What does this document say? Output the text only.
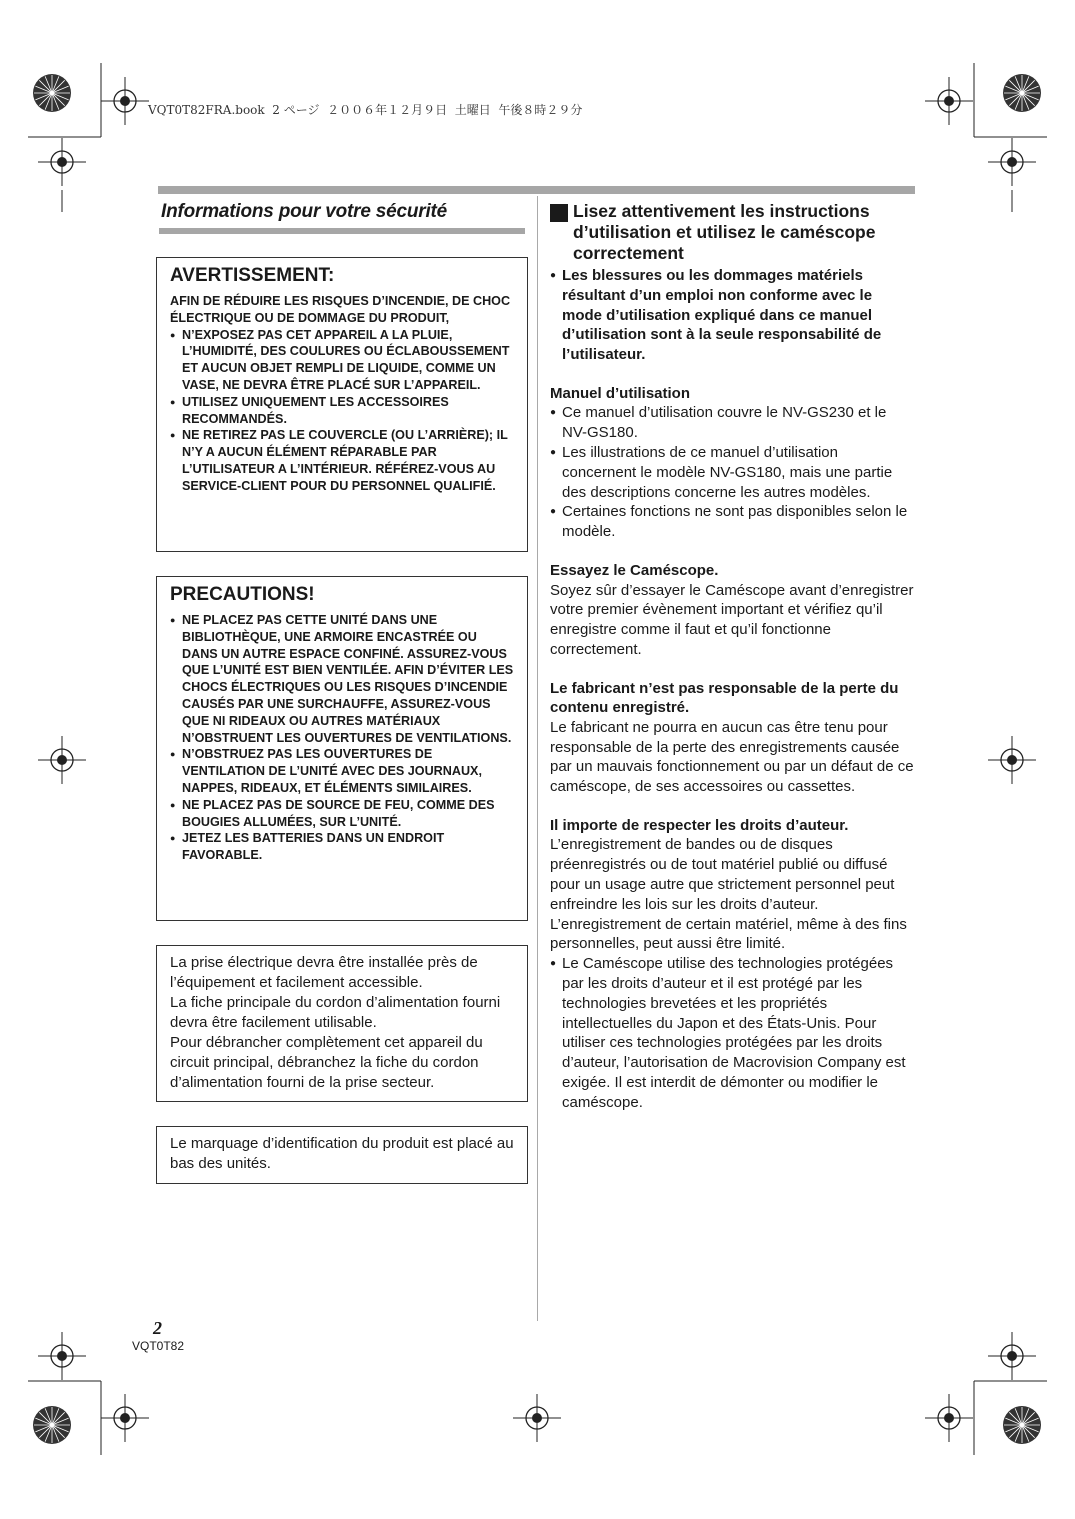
VQT0T82FRA.book  2 ページ  ２００６年１２月９日  土曜日  午後８時２９分
Informations pour votre sécurité
AVERTISSEMENT:
AFIN DE RÉDUIRE LES RISQUES D’INCENDIE, DE CHOC ÉLECTRIQUE OU DE DOMMAGE DU PRODUIT,
● N’EXPOSEZ PAS CET APPAREIL A LA PLUIE, L’HUMIDITÉ, DES COULURES OU ÉCLABOUSSEMENT ET AUCUN OBJET REMPLI DE LIQUIDE, COMME UN VASE, NE DEVRA ÊTRE PLACÉ SUR L’APPAREIL.
● UTILISEZ UNIQUEMENT LES ACCESSOIRES RECOMMANDÉS.
● NE RETIREZ PAS LE COUVERCLE (OU L’ARRIÈRE); IL N’Y A AUCUN ÉLÉMENT RÉPARABLE PAR L’UTILISATEUR A L’INTÉRIEUR. RÉFÉREZ-VOUS AU SERVICE-CLIENT POUR DU PERSONNEL QUALIFIÉ.
PRECAUTIONS!
● NE PLACEZ PAS CETTE UNITÉ DANS UNE BIBLIOTHÈQUE, UNE ARMOIRE ENCASTRÉE OU DANS UN AUTRE ESPACE CONFINÉ. ASSUREZ-VOUS QUE L’UNITÉ EST BIEN VENTILÉE. AFIN D’ÉVITER LES CHOCS ÉLECTRIQUES OU LES RISQUES D’INCENDIE CAUSÉS PAR UNE SURCHAUFFE, ASSUREZ-VOUS QUE NI RIDEAUX OU AUTRES MATÉRIAUX N’OBSTRUENT LES OUVERTURES DE VENTILATIONS.
● N’OBSTRUEZ PAS LES OUVERTURES DE VENTILATION DE L’UNITÉ AVEC DES JOURNAUX, NAPPES, RIDEAUX, ET ÉLÉMENTS SIMILAIRES.
● NE PLACEZ PAS DE SOURCE DE FEU, COMME DES BOUGIES ALLUMÉES, SUR L’UNITÉ.
● JETEZ LES BATTERIES DANS UN ENDROIT FAVORABLE.
La prise électrique devra être installée près de l’équipement et facilement accessible.
La fiche principale du cordon d’alimentation fourni devra être facilement utilisable.
Pour débrancher complètement cet appareil du circuit principal, débranchez la fiche du cordon d’alimentation fourni de la prise secteur.
Le marquage d’identification du produit est placé au bas des unités.
Lisez attentivement les instructions d’utilisation et utilisez le caméscope correctement
● Les blessures ou les dommages matériels résultant d’un emploi non conforme avec le mode d’utilisation expliqué dans ce manuel d’utilisation sont à la seule responsabilité de l’utilisateur.
Manuel d’utilisation
● Ce manuel d’utilisation couvre le NV-GS230 et le NV-GS180.
● Les illustrations de ce manuel d’utilisation concernent le modèle NV-GS180, mais une partie des descriptions concerne les autres modèles.
● Certaines fonctions ne sont pas disponibles selon le modèle.
Essayez le Caméscope.
Soyez sûr d’essayer le Caméscope avant d’enregistrer votre premier évènement important et vérifiez qu’il enregistre comme il faut et qu’il fonctionne correctement.
Le fabricant n’est pas responsable de la perte du contenu enregistré.
Le fabricant ne pourra en aucun cas être tenu pour responsable de la perte des enregistrements causée par un mauvais fonctionnement ou par un défaut de ce caméscope, de ses accessoires ou cassettes.
Il importe de respecter les droits d’auteur.
L’enregistrement de bandes ou de disques préenregistrés ou de tout matériel publié ou diffusé pour un usage autre que strictement personnel peut enfreindre les lois sur les droits d’auteur. L’enregistrement de certain matériel, même à des fins personnelles, peut aussi être limité.
● Le Caméscope utilise des technologies protégées par les droits d’auteur et il est protégé par les technologies brevetées et les propriétés intellectuelles du Japon et des États-Unis. Pour utiliser ces technologies protégées par les droits d’auteur, l’autorisation de Macrovision Company est exigée. Il est interdit de démonter ou modifier le caméscope.
2
VQT0T82
